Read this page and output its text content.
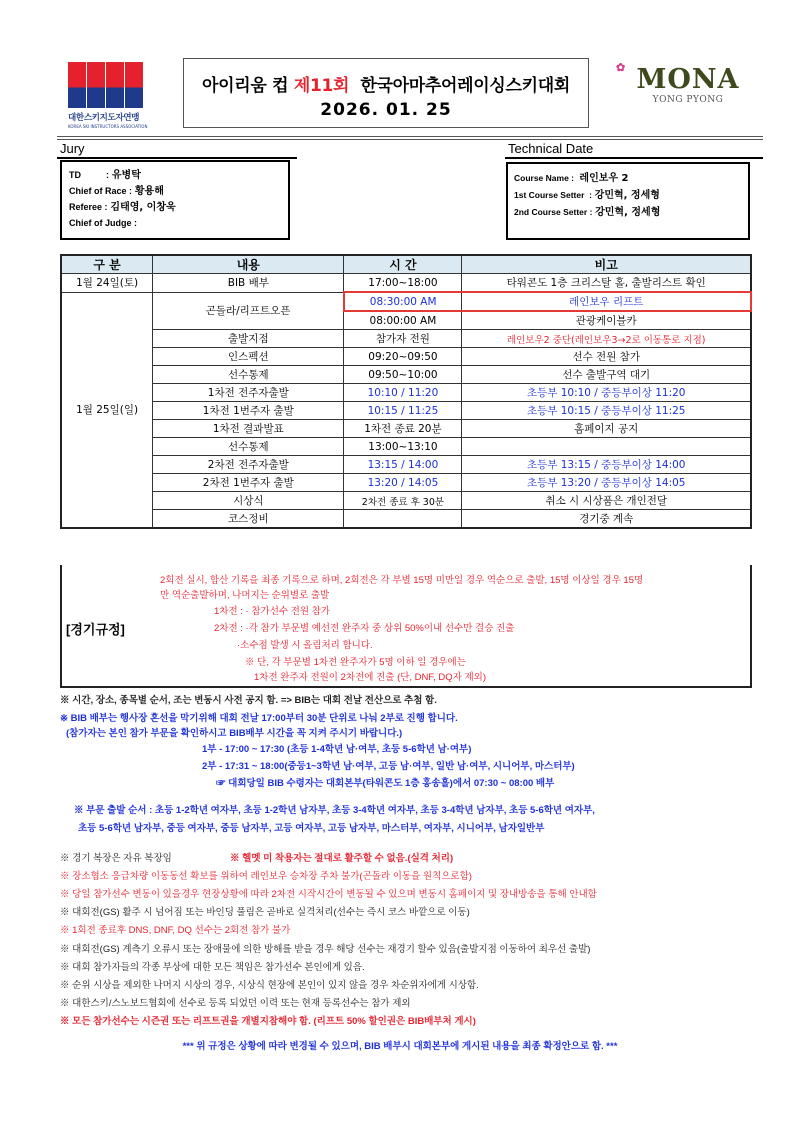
대한스키지도자연맹
KOREA SKI INSTRUCTORS ASSOCIATION
아이리움 컵 제11회  한국아마추어레이싱스키대회
2026. 01. 25
✿ MONA
YONG PYONG
Jury
TD          : 유병탁
Chief of Race : 황용해
Referee : 김태영, 이창욱
Chief of Judge :
Technical Date
Course Name : 레인보우 2
1st Course Setter  : 강민혁, 정세형
2nd Course Setter : 강민혁, 정세형
구 분	내용	시 간	비고
1월 24일(토)	BIB 배부	17:00~18:00	타워콘도 1층 크리스탈 홀, 출발리스트 확인
1월 25일(일)	곤돌라/리프트오픈	08:30:00 AM	레인보우 리프트
		08:00:00 AM	관광케이블카
	출발지점	참가자 전원	레인보우2 중단(레인보우3→2로 이동통로 지점)
	인스펙션	09:20~09:50	선수 전원 참가
	선수통제	09:50~10:00	선수 출발구역 대기
	1차전 전주자출발	10:10 / 11:20	초등부 10:10 / 중등부이상 11:20
	1차전 1번주자 출발	10:15 / 11:25	초등부 10:15 / 중등부이상 11:25
	1차전 결과발표	1차전 종료 20분	홈페이지 공지
	선수통제	13:00~13:10	
	2차전 전주자출발	13:15 / 14:00	초등부 13:15 / 중등부이상 14:00
	2차전 1번주자 출발	13:20 / 14:05	초등부 13:20 / 중등부이상 14:05
	시상식	2차전 종료 후 30분	취소 시 시상품은 개인전달
	코스정비		경기중 계속
[경기규정]
2회전 실시, 합산 기록을 최종 기록으로 하며, 2회전은 각 부별 15명 미만일 경우 역순으로 출발, 15명 이상일 경우 15명
만 역순출발하며, 나머지는 순위별로 출발
1차전 : · 참가선수 전원 참가
2차전 : ·각 참가 부문별 예선전 완주자 중 상위 50%이내 선수만 결승 진출
·소수점 발생 시 올림처리 합니다.
※ 단, 각 부문별 1차전 완주자가 5명 이하 일 경우에는
1차전 완주자 전원이 2차전에 진출 (단, DNF, DQ자 제외)
※ 시간, 장소, 종목별 순서, 조는 변동시 사전 공지 함. => BIB는 대회 전날 전산으로 추첨 함.
※ BIB 배부는 행사장 혼선을 막기위해 대회 전날 17:00부터 30분 단위로 나눠 2부로 진행 합니다.
(참가자는 본인 참가 부문을 확인하시고 BIB배부 시간을 꼭 지켜 주시기 바랍니다.)
1부 - 17:00 ~ 17:30 (초등 1-4학년 남·여부, 초등 5-6학년 남·여부)
2부 - 17:31 ~ 18:00(중등1~3학년 남·여부, 고등 남·여부, 일반 남·여부, 시니어부, 마스터부)
☞ 대회당일 BIB 수령자는 대회본부(타워콘도 1층 홍송홀)에서 07:30 ~ 08:00 배부
※ 부문 출발 순서 : 초등 1-2학년 여자부, 초등 1-2학년 남자부, 초등 3-4학년 여자부, 초등 3-4학년 남자부, 초등 5-6학년 여자부,
초등 5-6학년 남자부, 중등 여자부, 중등 남자부, 고등 여자부, 고등 남자부, 마스터부, 여자부, 시니어부, 남자일반부
※ 경기 복장은 자유 복장임	※ 헬멧 미 착용자는 절대로 활주할 수 없음.(실격 처리)
※ 장소협소 응급차량 이동동선 확보를 위하여 레인보우 승차장 주차 불가(곤돌라 이동을 원칙으로함)
※ 당일 참가선수 변동이 있을경우 현장상황에 따라 2차전 시작시간이 변동될 수 있으며 변동시 홈페이지 및 장내방송을 통해 안내함
※ 대회전(GS) 활주 시 넘어짐 또는 바인딩 풀림은 곧바로 실격처리(선수는 즉시 코스 바깥으로 이동)
※ 1회전 종료후 DNS, DNF, DQ 선수는 2회전 참가 불가
※ 대회전(GS) 계측기 오류시 또는 장애물에 의한 방해를 받을 경우 해당 선수는 재경기 할수 있음(출발지점 이동하여 최우선 출발)
※ 대회 참가자들의 각종 부상에 대한 모든 책임은 참가선수 본인에게 있음.
※ 순위 시상을 제외한 나머지 시상의 경우, 시상식 현장에 본인이 있지 않을 경우 차순위자에게 시상함.
※ 대한스키/스노보드협회에 선수로 등록 되었던 이력 또는 현재 등록선수는 참가 제외
※ 모든 참가선수는 시즌권 또는 리프트권을 개별지참해야 함. (리프트 50% 할인권은 BIB배부처 게시)
*** 위 규정은 상황에 따라 변경될 수 있으며, BIB 배부시 대회본부에 게시된 내용을 최종 확정안으로 함. ***
